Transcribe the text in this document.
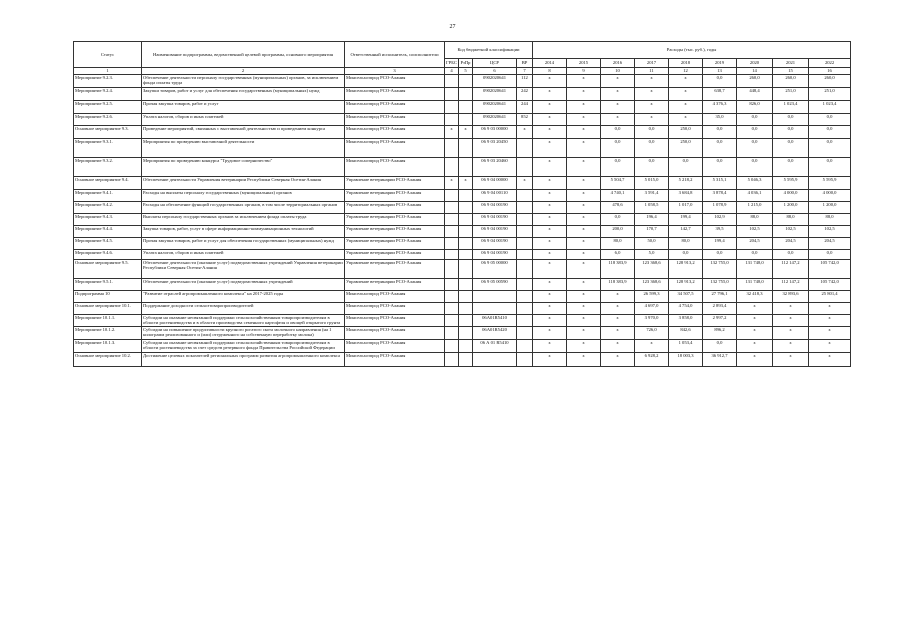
27
Статус	Наименование подпрограммы, ведомственной целевой программы, основного мероприятия	Ответственный исполнитель, соисполнители	Код бюджетной классификации				Расходы (тыс. руб.), годы								
			ГРБС	РзПр	ЦСР	ВР	2014	2015	2016	2017	2018	2019	2020	2021	2022
1	2	3	4	5	6	7	8	9	10	11	12	13	14	15	16
Мероприятие 9.2.3.	Обеспечение деятельности персоналу государственных (муниципальных) органов, за исключением фонда оплаты труда	Минсельхозпрод РСО-Алания			0902020641	112	x	x	x	x	x	0,0	260,0	260,0	260,0
Мероприятие 9.2.4.	Закупки товаров, работ и услуг для обеспечения государственных (муниципальных) нужд	Минсельхозпрод РСО-Алания			0902020641	242	x	x	x	x	x	638,7	448,4	251,0	251,0
Мероприятие 9.2.5.	Прочая закупка товаров, работ и услуг	Минсельхозпрод РСО-Алания			0902020641	244	x	x	x	x	x	4 376,3	826,0	1 023,4	1 023,4
Мероприятие 9.2.6.	Уплата налогов, сборов и иных платежей	Минсельхозпрод РСО-Алания			0902020641	852	x	x	x	x	x	35,0	0,0	0,0	0,0
Основное мероприятие 9.3.	Проведение мероприятий, связанных с выставочной деятельностью и проведением конкурса	Минсельхозпрод РСО-Алания	x	x	06 9 03 00000	x	x	x	0,0	0,0	250,0	0,0	0,0	0,0	0,0
Мероприятие 9.3.1.	Мероприятия по проведению выставочной деятельности	Минсельхозпрод РСО-Алания			06 9 03 20450		x	x	0,0	0,0	250,0	0,0	0,0	0,0	0,0
Мероприятие 9.3.2.	Мероприятия по проведению конкурса "Трудовое соперничество"	Минсельхозпрод РСО-Алания			06 9 03 20460		x	x	0,0	0,0	0,0	0,0	0,0	0,0	0,0
Основное мероприятие 9.4.	Обеспечение деятельности Управления ветеринарии Республики Северная Осетия-Алания	Управление ветеринарии РСО-Алания	x	x	06 9 04 00000	x	x	x	5 504,7	5 015,0	5 218,2	5 315,1	5 046,3	5 595,9	5 595,9
Мероприятие 9.4.1.	Расходы на выплаты персоналу государственных (муниципальных) органов	Управление ветеринарии РСО-Алания			06 9 04 00110		x	x	4 740,1	3 591,4	3 684,8	3 878,4	4 036,1	4 000,0	4 000,0
Мероприятие 9.4.2.	Расходы на обеспечение функций государственных органов, в том числе территориальных органов	Управление ветеринарии РСО-Алания			06 9 04 00190		x	x	478,6	1 058,5	1 017,0	1 078,9	1 215,0	1 200,0	1 200,0
Мероприятие 9.4.3.	Выплаты персоналу государственных органов за исключением фонда оплаты труда	Управление ветеринарии РСО-Алания			06 9 04 00190		x	x	0,0	196,4	199,4	102,9	88,0	88,0	88,0
Мероприятие 9.4.4.	Закупка товаров, работ, услуг в сфере информационно-коммуникационных технологий	Управление ветеринарии РСО-Алания			06 9 04 00190		x	x	200,0	170,7	142,7	39,5	102,5	102,5	102,5
Мероприятие 9.4.5.	Прочая закупка товаров, работ и услуг для обеспечения государственных (муниципальных) нужд	Управление ветеринарии РСО-Алания			06 9 04 00190		x	x	80,0	50,0	80,0	199,4	204,5	204,5	204,5
Мероприятие 9.4.6.	Уплата налогов, сборов и иных платежей	Управление ветеринарии РСО-Алания			06 9 04 00190		x	x	6,0	5,0	0,0	0,0	0,0	0,0	0,0
Основное мероприятие 9.5.	Обеспечение деятельности (оказание услуг) подведомственных учреждений Управления ветеринарии Республики Северная Осетия-Алания	Управление ветеринарии РСО-Алания			06 9 05 00000		x	x	118 383,9	123 368,6	128 913,2	132 755,0	131 748,0	112 147,2	105 742,0
Мероприятие 9.5.1.	Обеспечение деятельности (оказание услуг) подведомственных учреждений	Управление ветеринарии РСО-Алания			06 9 05 00590		x	x	118 383,9	123 368,6	128 913,2	132 755,0	131 748,0	112 147,2	105 742,0
Подпрограмма 10	"Развитие отраслей агропромышленного комплекса" на 2017-2025 годы	Минсельхозпрод РСО-Алания					x	x	x	26 599,3	34 507,5	27 796,1	32 418,3	32 893,6	25 801,4
Основное мероприятие 10.1.	Поддержание доходности сельхозтоваропроизводителей	Минсельхозпрод РСО-Алания					x	x	x	4 697,0	4 754,0	2 893,4	x	x	x
Мероприятие 10.1.1.	Субсидии на оказание несвязанной поддержки сельскохозяйственным товаропроизводителям в области растениеводства и в области производства семенного картофеля и овощей открытого грунта	Минсельхозпрод РСО-Алания			06А01R5410		x	x	x	3 970,0	3 858,0	2 997,2	x	x	x
Мероприятие 10.1.2.	Субсидии на повышение продуктивности крупного рогатого скота молочного направления (на 1 килограмм реализованного и (или) отгруженного на собственную переработку молока)	Минсельхозпрод РСО-Алания			06А01R5420		x	x	x	726,0	842,6	896,2	x	x	x
Мероприятие 10.1.3.	Субсидии на оказание несвязанной поддержки сельскохозяйственным товаропроизводителям в области растениеводства за счет средств резервного фонда Правительства Российской Федерации	Минсельхозпрод РСО-Алания			06 А 01 R5410		x	x	x	x	1 053,4	0,0	x	x	x
Основное мероприятие 10.2.	Достижение целевых показателей региональных программ развития агропромышленного комплекса	Минсельхозпрод РСО-Алания					x	x	x	6 928,2	18 003,3	36 912,7	x	x	x
